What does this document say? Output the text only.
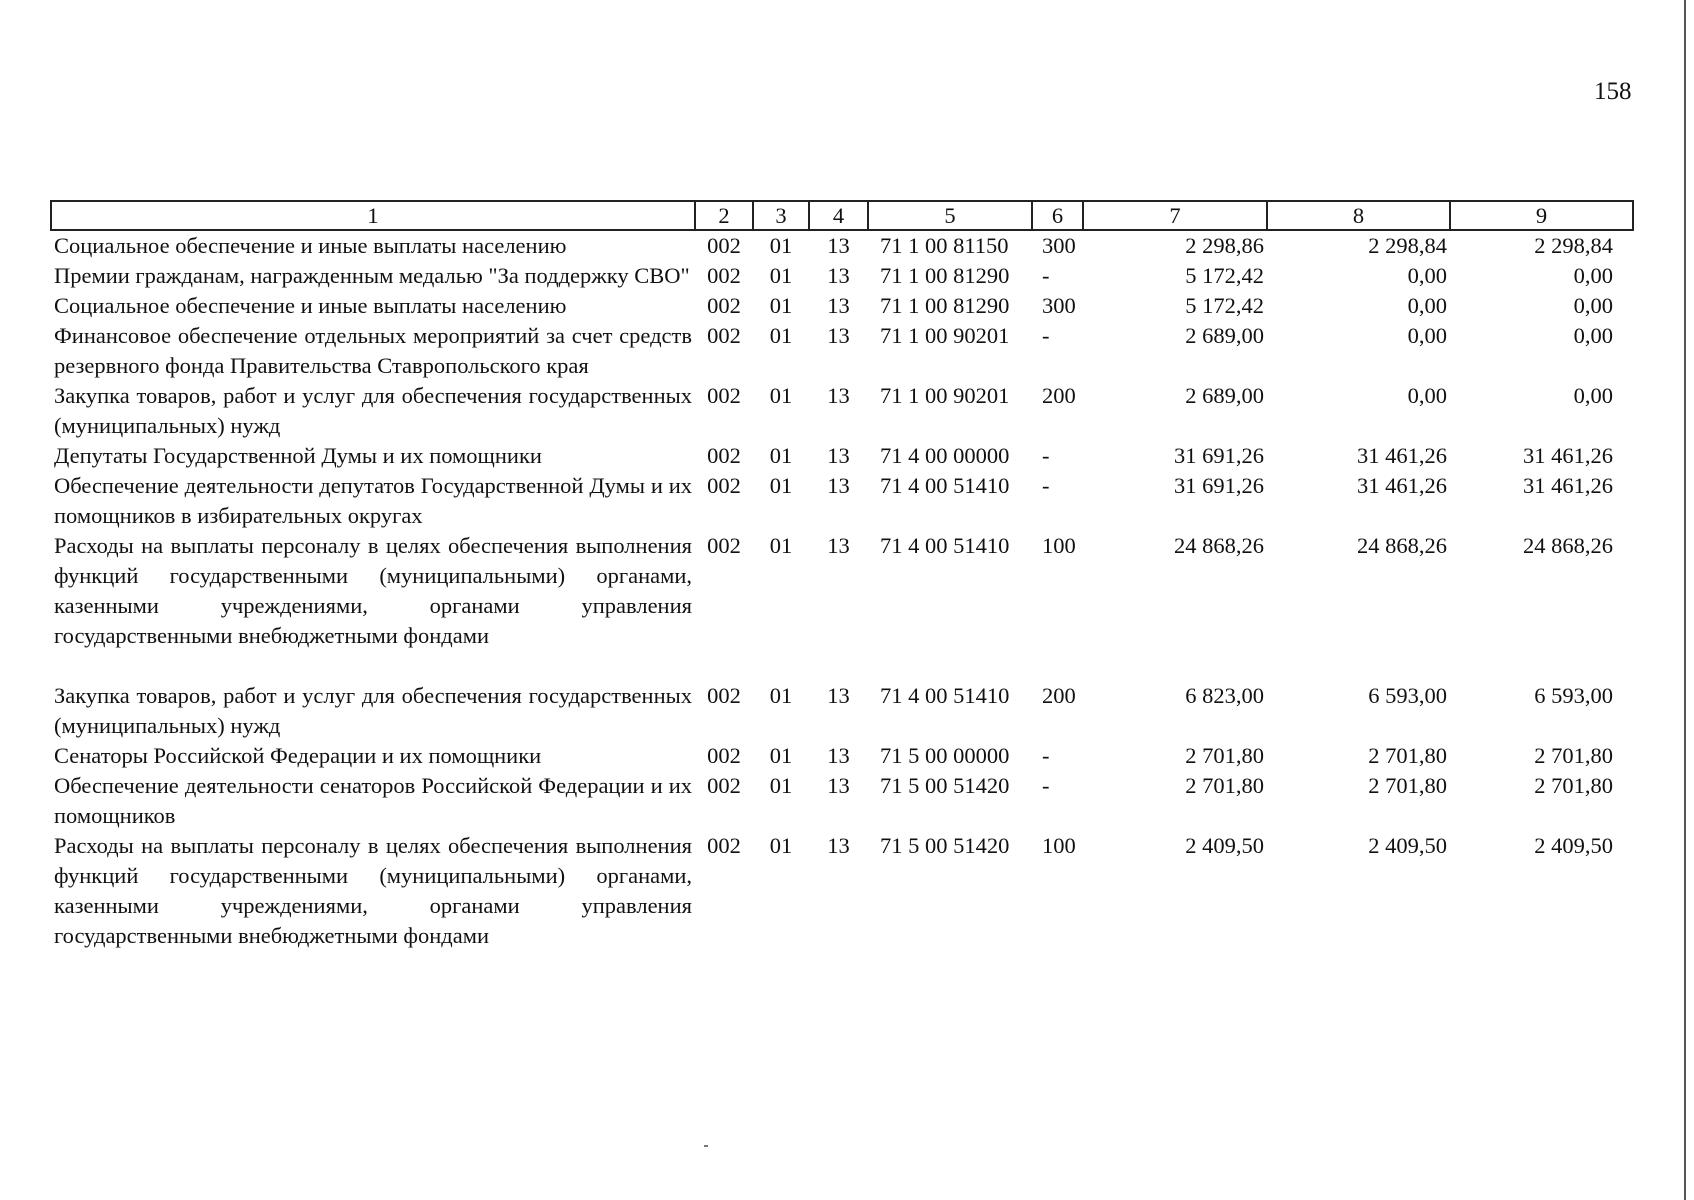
158
1	2	3	4	5	6	7	8	9
Социальное обеспечение и иные выплаты населению	002	01	13	71 1 00 81150	300	2 298,86	2 298,84	2 298,84
Премии гражданам, награжденным медалью "За поддержку СВО"	002	01	13	71 1 00 81290	-	5 172,42	0,00	0,00
Социальное обеспечение и иные выплаты населению	002	01	13	71 1 00 81290	300	5 172,42	0,00	0,00
Финансовое обеспечение отдельных мероприятий за счет средств резервного фонда Правительства Ставропольского края	002	01	13	71 1 00 90201	-	2 689,00	0,00	0,00
Закупка товаров, работ и услуг для обеспечения государственных (муниципальных) нужд	002	01	13	71 1 00 90201	200	2 689,00	0,00	0,00
Депутаты Государственной Думы и их помощники	002	01	13	71 4 00 00000	-	31 691,26	31 461,26	31 461,26
Обеспечение деятельности депутатов Государственной Думы и их помощников в избирательных округах	002	01	13	71 4 00 51410	-	31 691,26	31 461,26	31 461,26
Расходы на выплаты персоналу в целях обеспечения выполнения функций государственными (муниципальными) органами, казенными учреждениями, органами управления государственными внебюджетными фондами	002	01	13	71 4 00 51410	100	24 868,26	24 868,26	24 868,26

Закупка товаров, работ и услуг для обеспечения государственных (муниципальных) нужд	002	01	13	71 4 00 51410	200	6 823,00	6 593,00	6 593,00
Сенаторы Российской Федерации и их помощники	002	01	13	71 5 00 00000	-	2 701,80	2 701,80	2 701,80
Обеспечение деятельности сенаторов Российской Федерации и их помощников	002	01	13	71 5 00 51420	-	2 701,80	2 701,80	2 701,80
Расходы на выплаты персоналу в целях обеспечения выполнения функций государственными (муниципальными) органами, казенными учреждениями, органами управления государственными внебюджетными фондами	002	01	13	71 5 00 51420	100	2 409,50	2 409,50	2 409,50
